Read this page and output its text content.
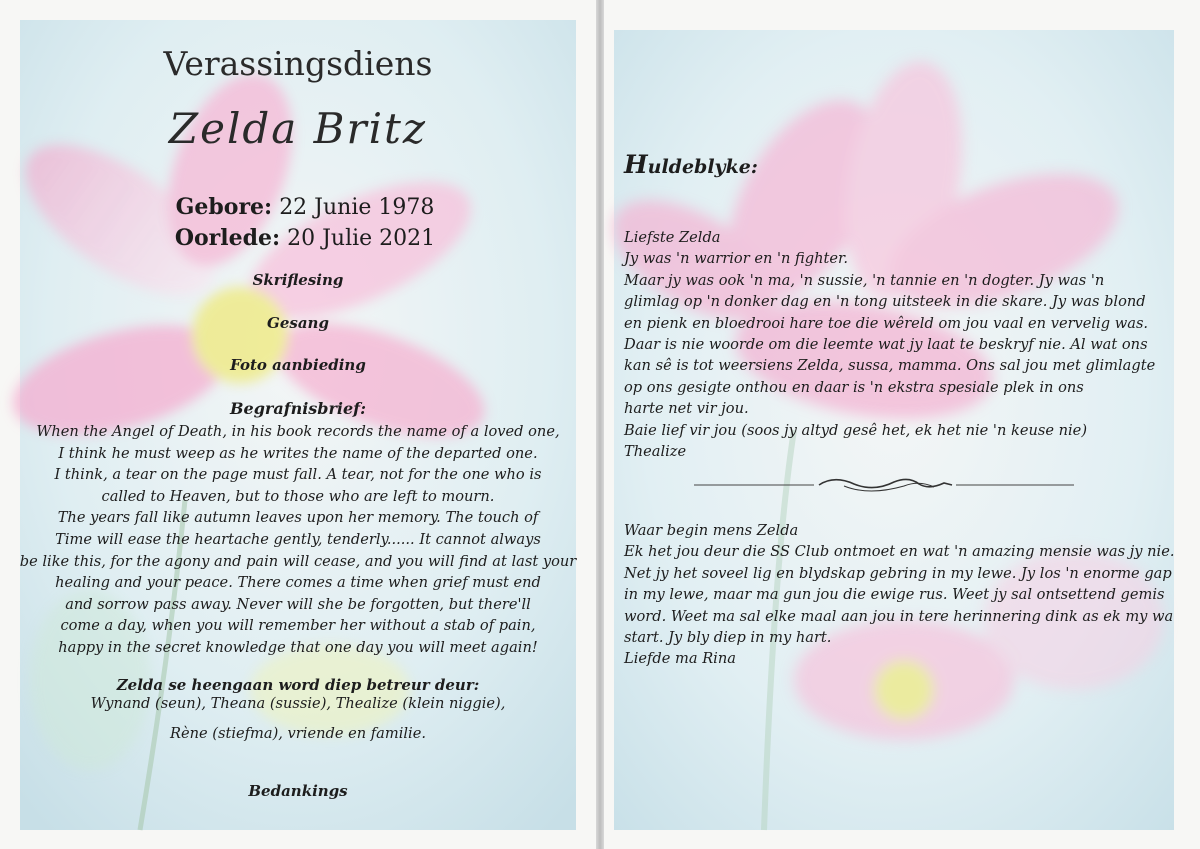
Verassingsdiens
Zelda Britz
Gebore: 22 Junie 1978
Oorlede: 20 Julie 2021
Skriflesing
Gesang
Foto aanbieding
Begrafnisbrief:
When the Angel of Death, in his book records the name of a loved one,
I think he must weep as he writes the name of the departed one.
I think, a tear on the page must fall. A tear, not for the one who is
called to Heaven, but to those who are left to mourn.
The years fall like autumn leaves upon her memory. The touch of
Time will ease the heartache gently, tenderly...... It cannot always
be like this, for the agony and pain will cease, and you will find at last your
healing and your peace. There comes a time when grief must end
and sorrow pass away. Never will she be forgotten, but there'll
come a day, when you will remember her without a stab of pain,
happy in the secret knowledge that one day you will meet again!
Zelda se heengaan word diep betreur deur:
Wynand (seun), Theana (sussie), Thealize (klein niggie),
Rène (stiefma), vriende en familie.
Bedankings
Huldeblyke:
Liefste Zelda
Jy was 'n warrior en 'n fighter.
Maar jy was ook 'n ma, 'n sussie, 'n tannie en 'n dogter. Jy was 'n
glimlag op 'n donker dag en 'n tong uitsteek in die skare. Jy was blond
en pienk en bloedrooi hare toe die wêreld om jou vaal en vervelig was.
Daar is nie woorde om die leemte wat jy laat te beskryf nie. Al wat ons
kan sê is tot weersiens Zelda, sussa, mamma. Ons sal jou met glimlagte
op ons gesigte onthou en daar is 'n ekstra spesiale plek in ons
harte net vir jou.
Baie lief vir jou (soos jy altyd gesê het, ek het nie 'n keuse nie)
Thealize
Waar begin mens Zelda
Ek het jou deur die SS Club ontmoet en wat 'n amazing mensie was jy nie.
Net jy het soveel lig en blydskap gebring in my lewe. Jy los 'n enorme gap
in my lewe, maar ma gun jou die ewige rus. Weet jy sal ontsettend gemis
word. Weet ma sal elke maal aan jou in tere herinnering dink as ek my wa
start. Jy bly diep in my hart.
Liefde ma Rina
